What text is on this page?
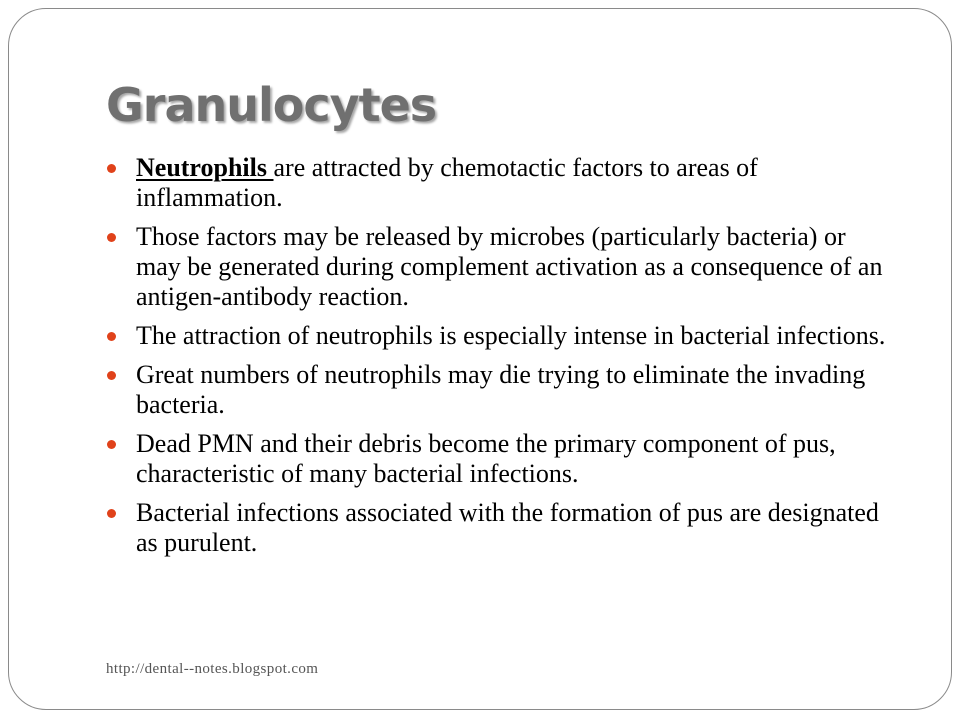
Granulocytes
Neutrophils are attracted by chemotactic factors to areas of inflammation.
Those factors may be released by microbes (particularly bacteria) or may be generated during complement activation as a consequence of an antigen-antibody reaction.
The attraction of neutrophils is especially intense in bacterial infections.
Great numbers of neutrophils may die trying to eliminate the invading bacteria.
Dead PMN and their debris become the primary component of pus, characteristic of many bacterial infections.
Bacterial infections associated with the formation of pus are designated as purulent.
http://dental--notes.blogspot.com
